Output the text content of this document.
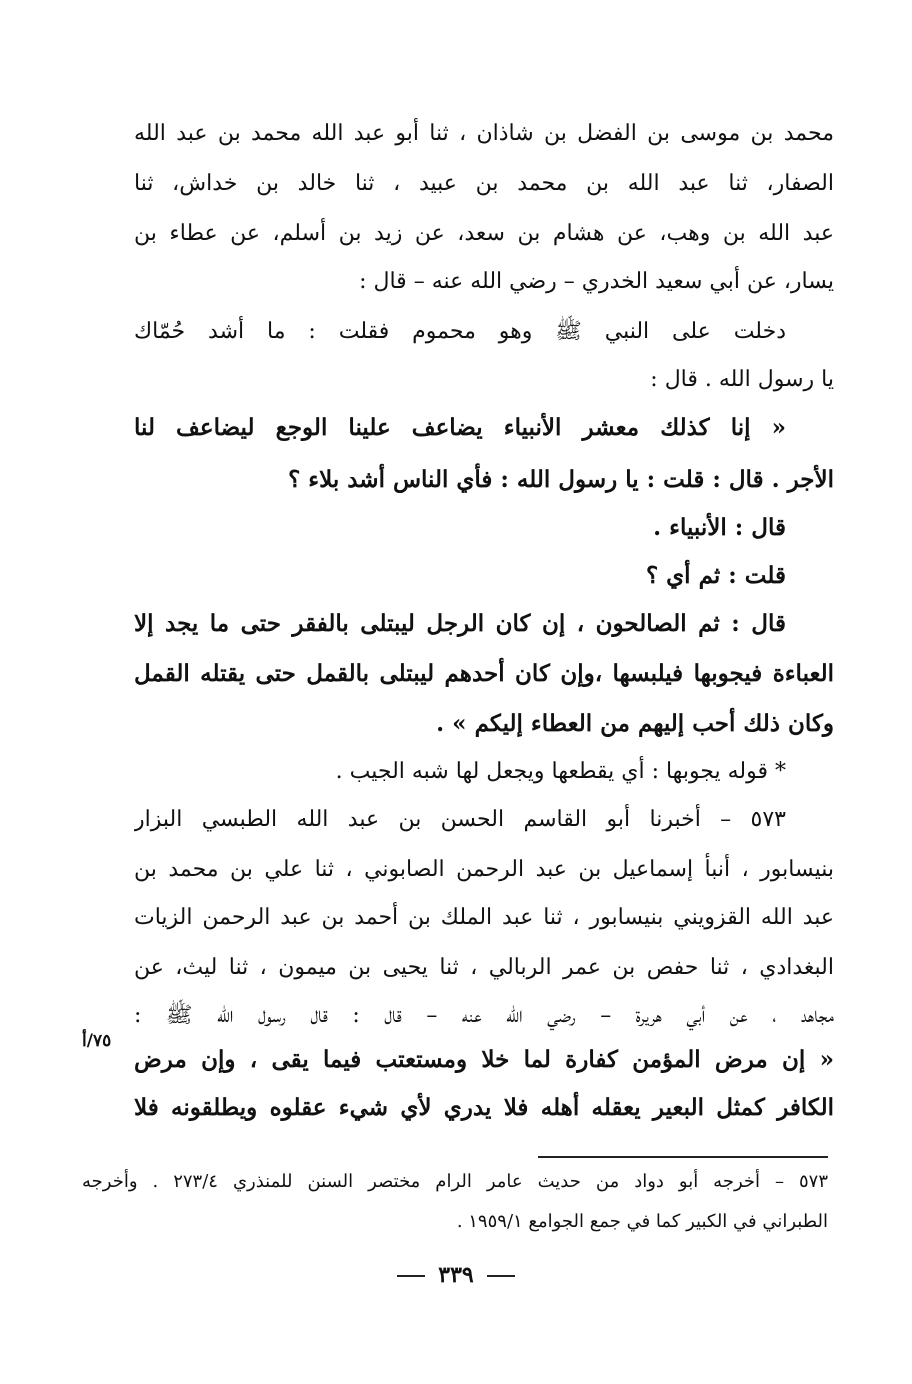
محمد بن موسى بن الفضل بن شاذان ، ثنا أبو عبد الله محمد بن عبد الله
الصفار، ثنا عبد الله بن محمد بن عبيد ، ثنا خالد بن خداش، ثنا
عبد الله بن وهب، عن هشام بن سعد، عن زيد بن أسلم، عن عطاء بن
يسار، عن أبي سعيد الخدري – رضي الله عنه – قال :
دخلت على النبي ﷺ وهو محموم فقلت : ما أشد حُمّاك
يا رسول الله . قال :
« إنا كذلك معشر الأنبياء يضاعف علينا الوجع ليضاعف لنا
الأجر . قال : قلت : يا رسول الله : فأي الناس أشد بلاء ؟
قال : الأنبياء .
قلت : ثم أي ؟
قال : ثم الصالحون ، إن كان الرجل ليبتلى بالفقر حتى ما يجد إلا
العباءة فيجوبها فيلبسها ،وإن كان أحدهم ليبتلى بالقمل حتى يقتله القمل
وكان ذلك أحب إليهم من العطاء إليكم » .
* قوله يجوبها : أي يقطعها ويجعل لها شبه الجيب .
٥٧٣ – أخبرنا أبو القاسم الحسن بن عبد الله الطبسي البزار
بنيسابور ، أنبأ إسماعيل بن عبد الرحمن الصابوني ، ثنا علي بن محمد بن
عبد الله القزويني بنيسابور ، ثنا عبد الملك بن أحمد بن عبد الرحمن الزيات
البغدادي ، ثنا حفص بن عمر الربالي ، ثنا يحيى بن ميمون ، ثنا ليث، عن
مجاهد ، عن أبي هريرة – رضي الله عنه – قال : قال رسول الله ﷺ :
« إن مرض المؤمن كفارة لما خلا ومستعتب فيما يقى ، وإن مرض
الكافر كمثل البعير يعقله أهله فلا يدري لأي شيء عقلوه ويطلقونه فلا
٧٥/أ
٥٧٣ – أخرجه أبو دواد من حديث عامر الرام مختصر السنن للمنذري ٢٧٣/٤ . وأخرجه
الطبراني في الكبير كما في جمع الجوامع ١٩٥٩/١ .
٣٣٩
